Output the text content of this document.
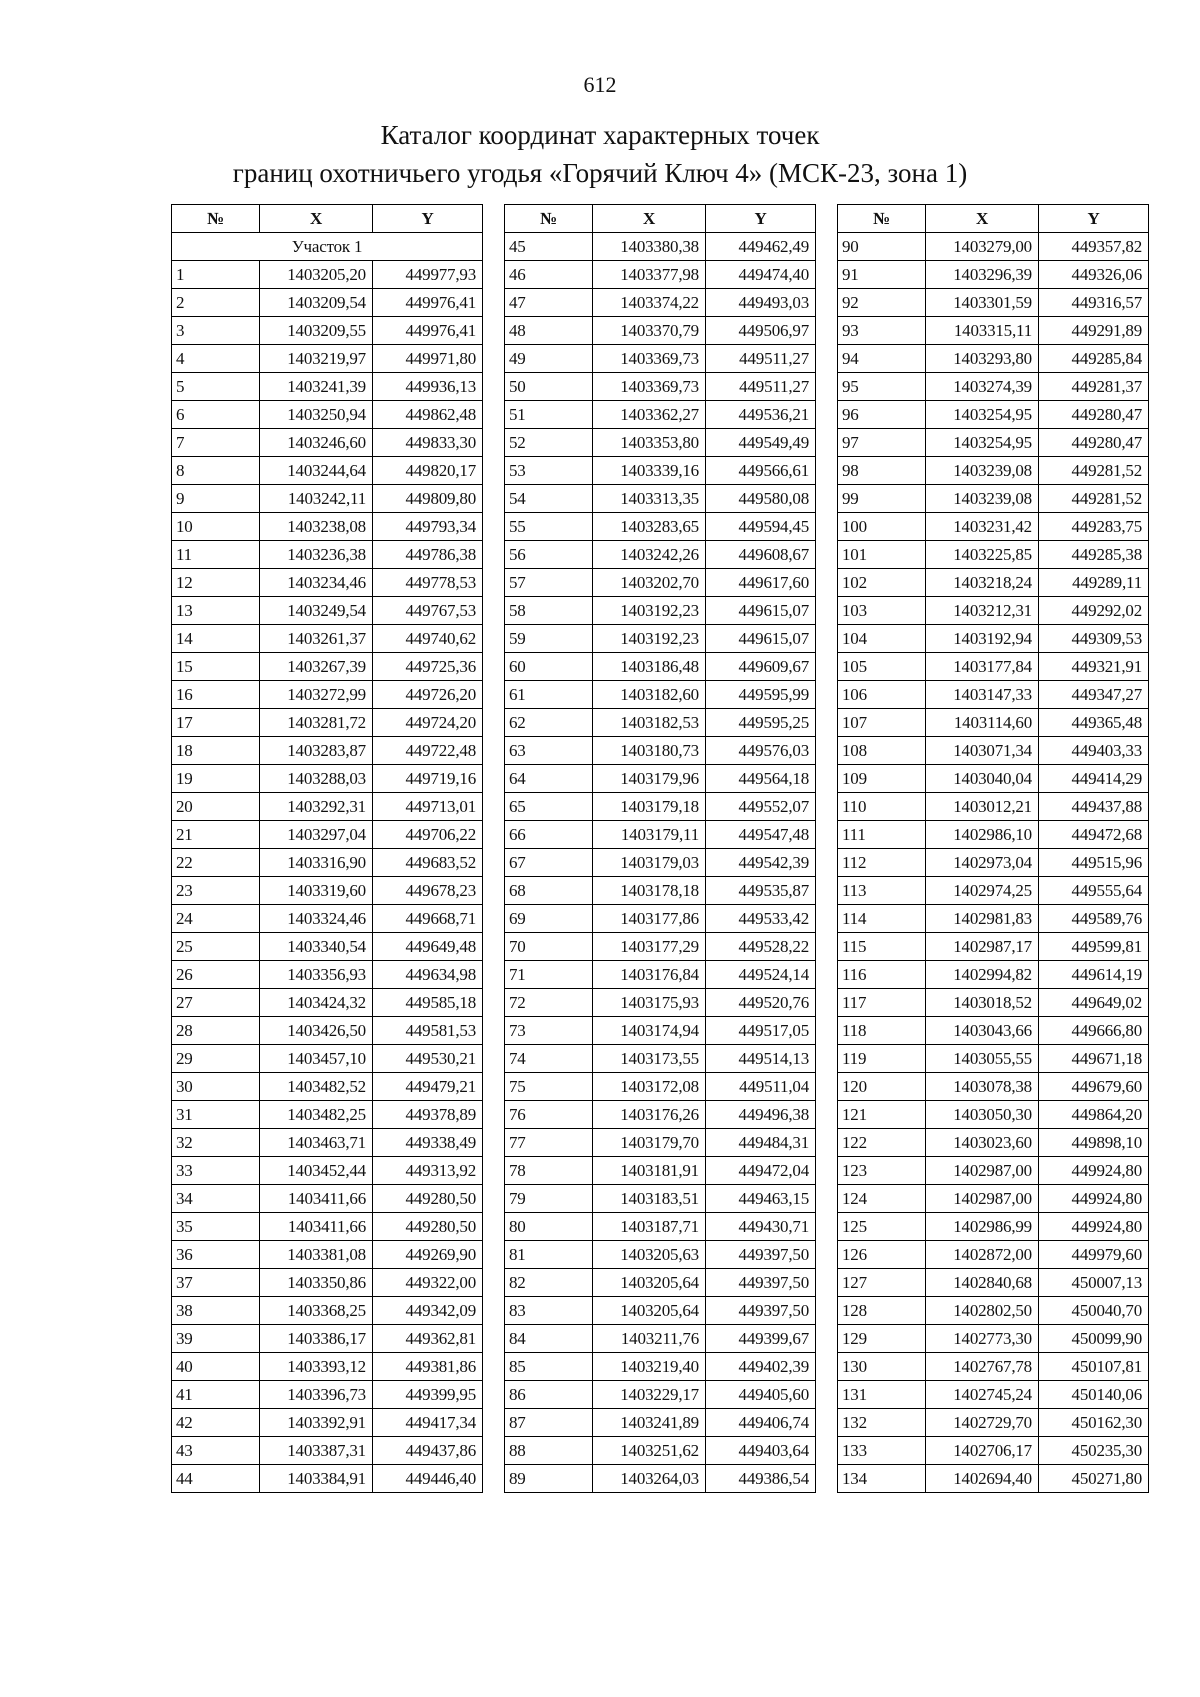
612
Каталог координат характерных точек
границ охотничьего угодья «Горячий Ключ 4» (МСК-23, зона 1)
№	X	Y
Участок 1		
1	1403205,20	449977,93
2	1403209,54	449976,41
3	1403209,55	449976,41
4	1403219,97	449971,80
5	1403241,39	449936,13
6	1403250,94	449862,48
7	1403246,60	449833,30
8	1403244,64	449820,17
9	1403242,11	449809,80
10	1403238,08	449793,34
11	1403236,38	449786,38
12	1403234,46	449778,53
13	1403249,54	449767,53
14	1403261,37	449740,62
15	1403267,39	449725,36
16	1403272,99	449726,20
17	1403281,72	449724,20
18	1403283,87	449722,48
19	1403288,03	449719,16
20	1403292,31	449713,01
21	1403297,04	449706,22
22	1403316,90	449683,52
23	1403319,60	449678,23
24	1403324,46	449668,71
25	1403340,54	449649,48
26	1403356,93	449634,98
27	1403424,32	449585,18
28	1403426,50	449581,53
29	1403457,10	449530,21
30	1403482,52	449479,21
31	1403482,25	449378,89
32	1403463,71	449338,49
33	1403452,44	449313,92
34	1403411,66	449280,50
35	1403411,66	449280,50
36	1403381,08	449269,90
37	1403350,86	449322,00
38	1403368,25	449342,09
39	1403386,17	449362,81
40	1403393,12	449381,86
41	1403396,73	449399,95
42	1403392,91	449417,34
43	1403387,31	449437,86
44	1403384,91	449446,40
№	X	Y
45	1403380,38	449462,49
46	1403377,98	449474,40
47	1403374,22	449493,03
48	1403370,79	449506,97
49	1403369,73	449511,27
50	1403369,73	449511,27
51	1403362,27	449536,21
52	1403353,80	449549,49
53	1403339,16	449566,61
54	1403313,35	449580,08
55	1403283,65	449594,45
56	1403242,26	449608,67
57	1403202,70	449617,60
58	1403192,23	449615,07
59	1403192,23	449615,07
60	1403186,48	449609,67
61	1403182,60	449595,99
62	1403182,53	449595,25
63	1403180,73	449576,03
64	1403179,96	449564,18
65	1403179,18	449552,07
66	1403179,11	449547,48
67	1403179,03	449542,39
68	1403178,18	449535,87
69	1403177,86	449533,42
70	1403177,29	449528,22
71	1403176,84	449524,14
72	1403175,93	449520,76
73	1403174,94	449517,05
74	1403173,55	449514,13
75	1403172,08	449511,04
76	1403176,26	449496,38
77	1403179,70	449484,31
78	1403181,91	449472,04
79	1403183,51	449463,15
80	1403187,71	449430,71
81	1403205,63	449397,50
82	1403205,64	449397,50
83	1403205,64	449397,50
84	1403211,76	449399,67
85	1403219,40	449402,39
86	1403229,17	449405,60
87	1403241,89	449406,74
88	1403251,62	449403,64
89	1403264,03	449386,54
№	X	Y
90	1403279,00	449357,82
91	1403296,39	449326,06
92	1403301,59	449316,57
93	1403315,11	449291,89
94	1403293,80	449285,84
95	1403274,39	449281,37
96	1403254,95	449280,47
97	1403254,95	449280,47
98	1403239,08	449281,52
99	1403239,08	449281,52
100	1403231,42	449283,75
101	1403225,85	449285,38
102	1403218,24	449289,11
103	1403212,31	449292,02
104	1403192,94	449309,53
105	1403177,84	449321,91
106	1403147,33	449347,27
107	1403114,60	449365,48
108	1403071,34	449403,33
109	1403040,04	449414,29
110	1403012,21	449437,88
111	1402986,10	449472,68
112	1402973,04	449515,96
113	1402974,25	449555,64
114	1402981,83	449589,76
115	1402987,17	449599,81
116	1402994,82	449614,19
117	1403018,52	449649,02
118	1403043,66	449666,80
119	1403055,55	449671,18
120	1403078,38	449679,60
121	1403050,30	449864,20
122	1403023,60	449898,10
123	1402987,00	449924,80
124	1402987,00	449924,80
125	1402986,99	449924,80
126	1402872,00	449979,60
127	1402840,68	450007,13
128	1402802,50	450040,70
129	1402773,30	450099,90
130	1402767,78	450107,81
131	1402745,24	450140,06
132	1402729,70	450162,30
133	1402706,17	450235,30
134	1402694,40	450271,80
